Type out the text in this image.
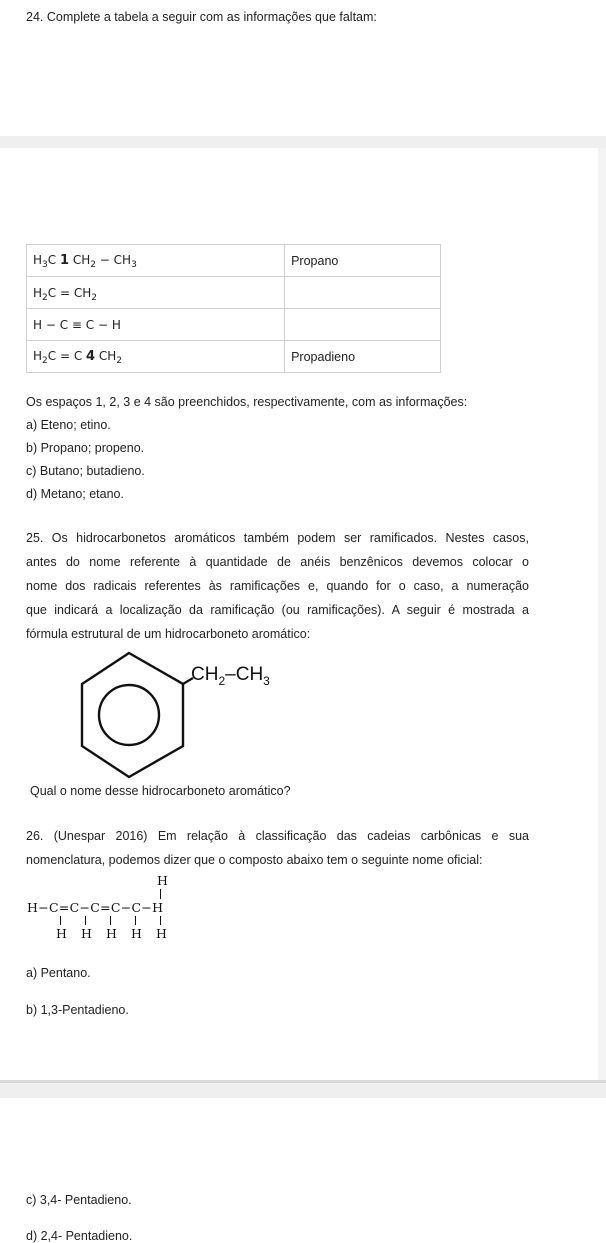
24. Complete a tabela a seguir com as informações que faltam:
$H_3C$ 1 $CH_2 - CH_3$	Propano
$H_2C = CH_2$	
H − C ≡ C − H	
$H_2C = C$ 4 $CH_2$	Propadieno
Os espaços 1, 2, 3 e 4 são preenchidos, respectivamente, com as informações:
a) Eteno; etino.
b) Propano; propeno.
c) Butano; butadieno.
d) Metano; etano.
25. Os hidrocarbonetos aromáticos também podem ser ramificados. Nestes casos,
antes do nome referente à quantidade de anéis benzênicos devemos colocar o
nome dos radicais referentes às ramificações e, quando for o caso, a numeração
que indicará a localização da ramificação (ou ramificações). A seguir é mostrada a
fórmula estrutural de um hidrocarboneto aromático:
$CH_2-CH_3$
Qual o nome desse hidrocarboneto aromático?
26. (Unespar 2016) Em relação à classificação das cadeias carbônicas e sua
nomenclatura, podemos dizer que o composto abaixo tem o seguinte nome oficial:
H
H−C=C−C=C−C−H
H H H H H
a) Pentano.
b) 1,3-Pentadieno.
c) 3,4- Pentadieno.
d) 2,4- Pentadieno.
